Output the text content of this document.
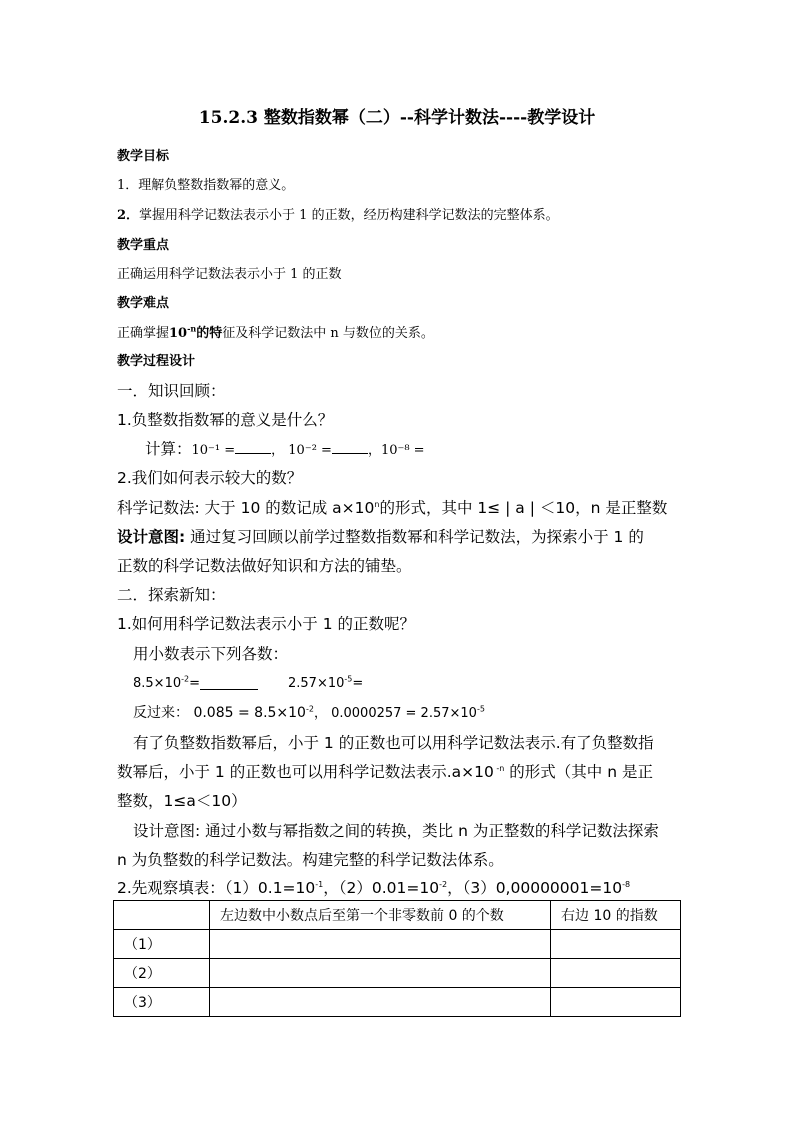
15.2.3 整数指数幂（二）--科学计数法----教学设计
教学目标
1．理解负整数指数幂的意义。
2．掌握用科学记数法表示小于 1 的正数，经历构建科学记数法的完整体系。
教学重点
正确运用科学记数法表示小于 1 的正数
教学难点
正确掌握$10^{-n}$的特征及科学记数法中 n 与数位的关系。
教学过程设计
一．知识回顾：
1.负整数指数幂的意义是什么？
计算：10⁻¹ =	， 10⁻² =	，10⁻⁸ =
2.我们如何表示较大的数？
科学记数法: 大于 10 的数记成 $a\times 10^n$的形式，其中 1≤ | a | ＜10，n 是正整数
设计意图: 通过复习回顾以前学过整数指数幂和科学记数法，为探索小于 1 的
正数的科学记数法做好知识和方法的铺垫。
二．探索新知：
1.如何用科学记数法表示小于 1 的正数呢？
用小数表示下列各数：
$8.5\times 10^{-2}=$	$2.57\times 10^{-5}=$
反过来： $0.085 = 8.5\times 10^{-2}$， $0.0000257 = 2.57\times 10^{-5}$
有了负整数指数幂后，小于 1 的正数也可以用科学记数法表示.有了负整数指
数幂后，小于 1 的正数也可以用科学记数法表示.a×10 $^{-n}$ 的形式（其中 n 是正
整数，1≤a＜10）
设计意图: 通过小数与幂指数之间的转换，类比 n 为正整数的科学记数法探索
n 为负整数的科学记数法。构建完整的科学记数法体系。
2.先观察填表：$(1)0.1=10^{-1}$，$(2)0.01=10^{-2}$，$(3)0,00000001=10^{-8}$
	左边数中小数点后至第一个非零数前 0 的个数	右边 10 的指数
（1）		
（2）		
（3）		
